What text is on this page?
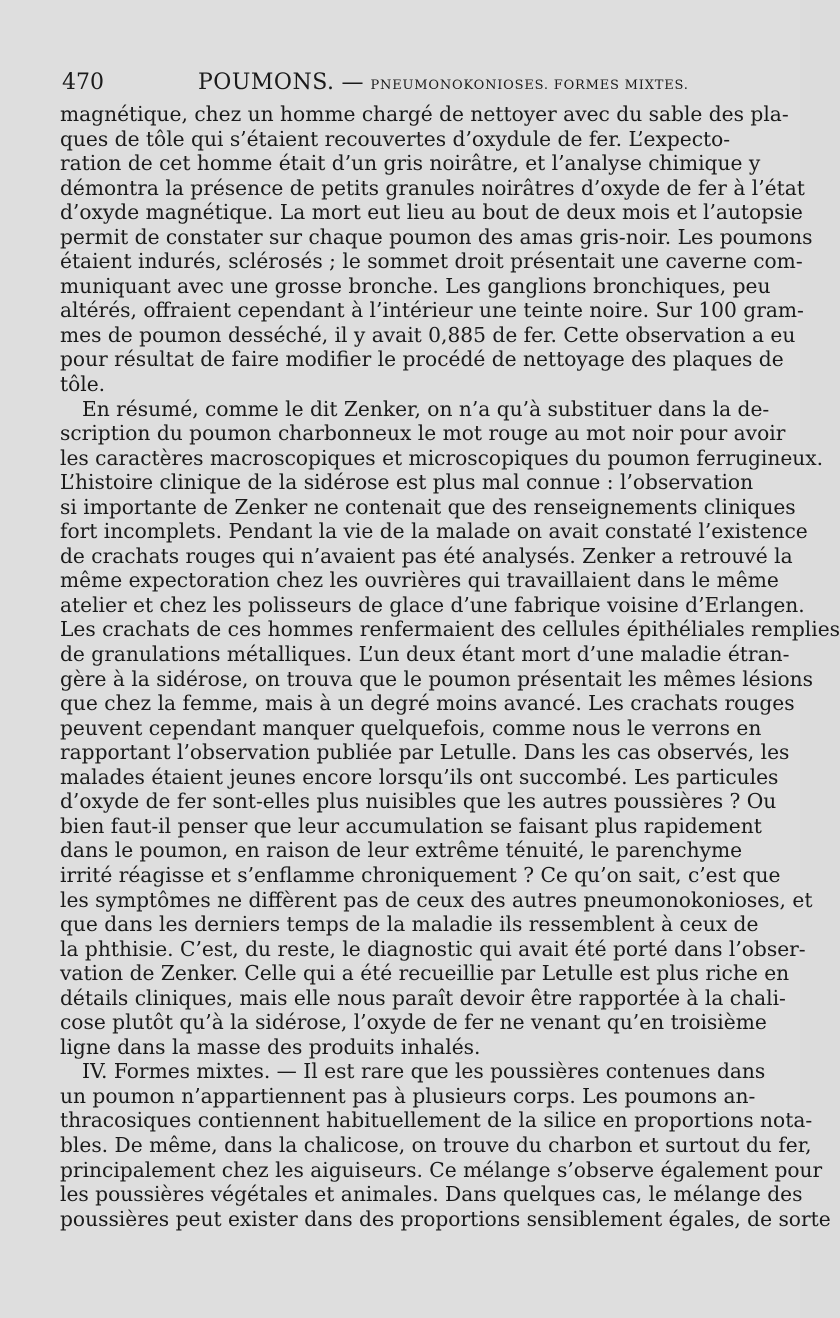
470	POUMONS. — PNEUMONOKONIOSES. FORMES MIXTES.
magnétique, chez un homme chargé de nettoyer avec du sable des pla-
ques de tôle qui s’étaient recouvertes d’oxydule de fer. L’expecto-
ration de cet homme était d’un gris noirâtre, et l’analyse chimique y
démontra la présence de petits granules noirâtres d’oxyde de fer à l’état
d’oxyde magnétique. La mort eut lieu au bout de deux mois et l’autopsie
permit de constater sur chaque poumon des amas gris-noir. Les poumons
étaient indurés, sclérosés ; le sommet droit présentait une caverne com-
muniquant avec une grosse bronche. Les ganglions bronchiques, peu
altérés, offraient cependant à l’intérieur une teinte noire. Sur 100 gram-
mes de poumon desséché, il y avait 0,885 de fer. Cette observation a eu
pour résultat de faire modifier le procédé de nettoyage des plaques de
tôle.
En résumé, comme le dit Zenker, on n’a qu’à substituer dans la de-
scription du poumon charbonneux le mot rouge au mot noir pour avoir
les caractères macroscopiques et microscopiques du poumon ferrugineux.
L’histoire clinique de la sidérose est plus mal connue : l’observation
si importante de Zenker ne contenait que des renseignements cliniques
fort incomplets. Pendant la vie de la malade on avait constaté l’existence
de crachats rouges qui n’avaient pas été analysés. Zenker a retrouvé la
même expectoration chez les ouvrières qui travaillaient dans le même
atelier et chez les polisseurs de glace d’une fabrique voisine d’Erlangen.
Les crachats de ces hommes renfermaient des cellules épithéliales remplies
de granulations métalliques. L’un deux étant mort d’une maladie étran-
gère à la sidérose, on trouva que le poumon présentait les mêmes lésions
que chez la femme, mais à un degré moins avancé. Les crachats rouges
peuvent cependant manquer quelquefois, comme nous le verrons en
rapportant l’observation publiée par Letulle. Dans les cas observés, les
malades étaient jeunes encore lorsqu’ils ont succombé. Les particules
d’oxyde de fer sont-elles plus nuisibles que les autres poussières ? Ou
bien faut-il penser que leur accumulation se faisant plus rapidement
dans le poumon, en raison de leur extrême ténuité, le parenchyme
irrité réagisse et s’enflamme chroniquement ? Ce qu’on sait, c’est que
les symptômes ne diffèrent pas de ceux des autres pneumonokonioses, et
que dans les derniers temps de la maladie ils ressemblent à ceux de
la phthisie. C’est, du reste, le diagnostic qui avait été porté dans l’obser-
vation de Zenker. Celle qui a été recueillie par Letulle est plus riche en
détails cliniques, mais elle nous paraît devoir être rapportée à la chali-
cose plutôt qu’à la sidérose, l’oxyde de fer ne venant qu’en troisième
ligne dans la masse des produits inhalés.
IV. Formes mixtes. — Il est rare que les poussières contenues dans
un poumon n’appartiennent pas à plusieurs corps. Les poumons an-
thracosiques contiennent habituellement de la silice en proportions nota-
bles. De même, dans la chalicose, on trouve du charbon et surtout du fer,
principalement chez les aiguiseurs. Ce mélange s’observe également pour
les poussières végétales et animales. Dans quelques cas, le mélange des
poussières peut exister dans des proportions sensiblement égales, de sorte
